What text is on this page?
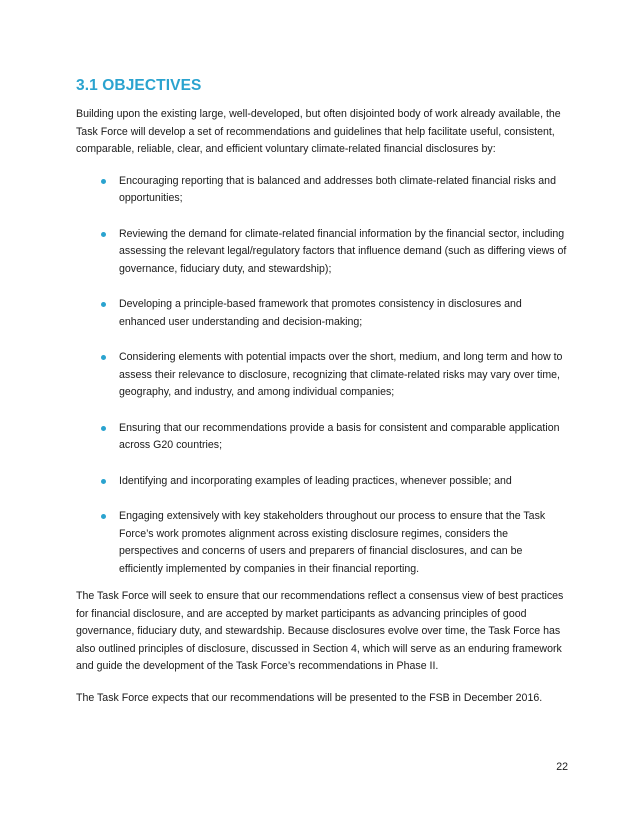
3.1 OBJECTIVES

Building upon the existing large, well-developed, but often disjointed body of work already available, the Task Force will develop a set of recommendations and guidelines that help facilitate useful, consistent, comparable, reliable, clear, and efficient voluntary climate-related financial disclosures by:

Encouraging reporting that is balanced and addresses both climate-related financial risks and opportunities;
Reviewing the demand for climate-related financial information by the financial sector, including assessing the relevant legal/regulatory factors that influence demand (such as differing views of governance, fiduciary duty, and stewardship);
Developing a principle-based framework that promotes consistency in disclosures and enhanced user understanding and decision-making;
Considering elements with potential impacts over the short, medium, and long term and how to assess their relevance to disclosure, recognizing that climate-related risks may vary over time, geography, and industry, and among individual companies;
Ensuring that our recommendations provide a basis for consistent and comparable application across G20 countries;
Identifying and incorporating examples of leading practices, whenever possible; and
Engaging extensively with key stakeholders throughout our process to ensure that the Task Force’s work promotes alignment across existing disclosure regimes, considers the perspectives and concerns of users and preparers of financial disclosures, and can be efficiently implemented by companies in their financial reporting.

The Task Force will seek to ensure that our recommendations reflect a consensus view of best practices for financial disclosure, and are accepted by market participants as advancing principles of good governance, fiduciary duty, and stewardship. Because disclosures evolve over time, the Task Force has also outlined principles of disclosure, discussed in Section 4, which will serve as an enduring framework and guide the development of the Task Force’s recommendations in Phase II.

The Task Force expects that our recommendations will be presented to the FSB in December 2016.

22
